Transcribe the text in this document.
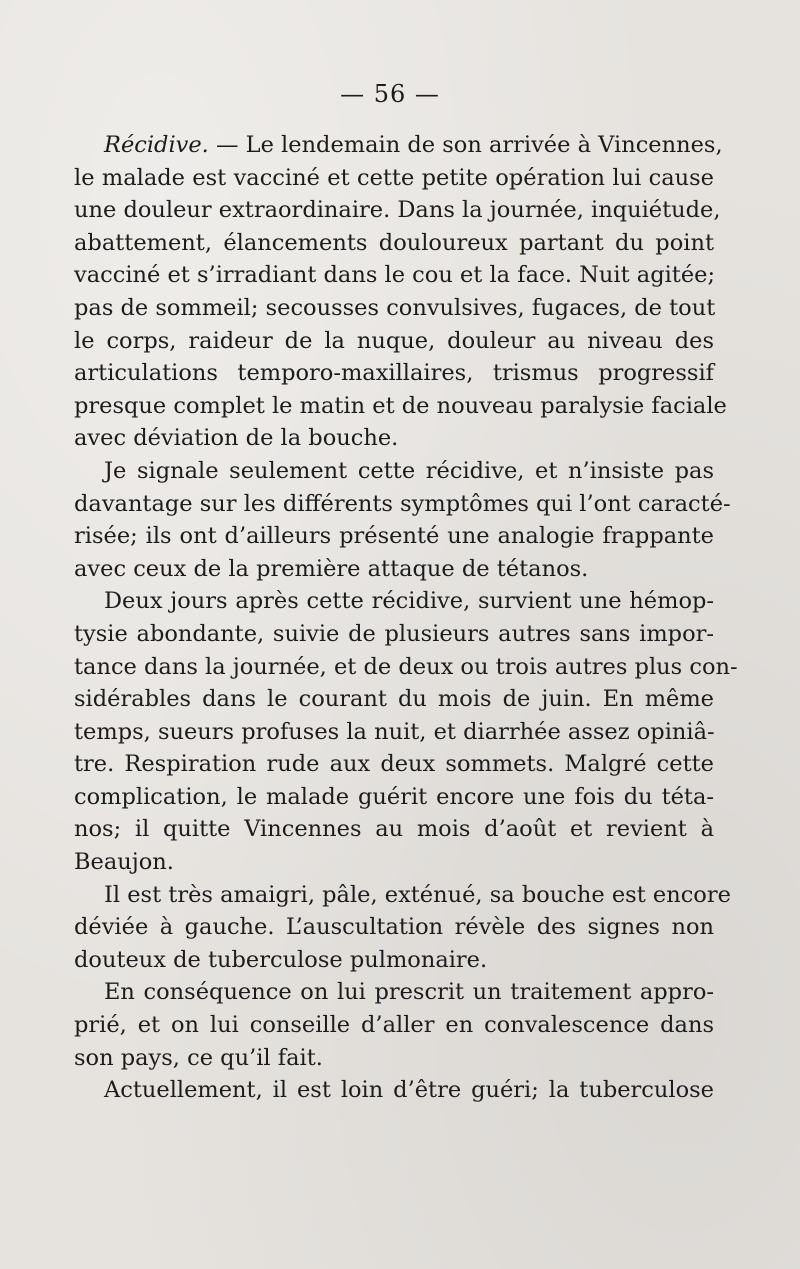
— 56 —
Récidive. — Le lendemain de son arrivée à Vincennes,
le malade est vacciné et cette petite opération lui cause
une douleur extraordinaire. Dans la journée, inquiétude,
abattement, élancements douloureux partant du point
vacciné et s’irradiant dans le cou et la face. Nuit agitée;
pas de sommeil; secousses convulsives, fugaces, de tout
le corps, raideur de la nuque, douleur au niveau des
articulations temporo-maxillaires, trismus progressif
presque complet le matin et de nouveau paralysie faciale
avec déviation de la bouche.
Je signale seulement cette récidive, et n’insiste pas
davantage sur les différents symptômes qui l’ont caracté-
risée; ils ont d’ailleurs présenté une analogie frappante
avec ceux de la première attaque de tétanos.
Deux jours après cette récidive, survient une hémop-
tysie abondante, suivie de plusieurs autres sans impor-
tance dans la journée, et de deux ou trois autres plus con-
sidérables dans le courant du mois de juin. En même
temps, sueurs profuses la nuit, et diarrhée assez opiniâ-
tre. Respiration rude aux deux sommets. Malgré cette
complication, le malade guérit encore une fois du téta-
nos; il quitte Vincennes au mois d’août et revient à
Beaujon.
Il est très amaigri, pâle, exténué, sa bouche est encore
déviée à gauche. L’auscultation révèle des signes non
douteux de tuberculose pulmonaire.
En conséquence on lui prescrit un traitement appro-
prié, et on lui conseille d’aller en convalescence dans
son pays, ce qu’il fait.
Actuellement, il est loin d’être guéri; la tuberculose
